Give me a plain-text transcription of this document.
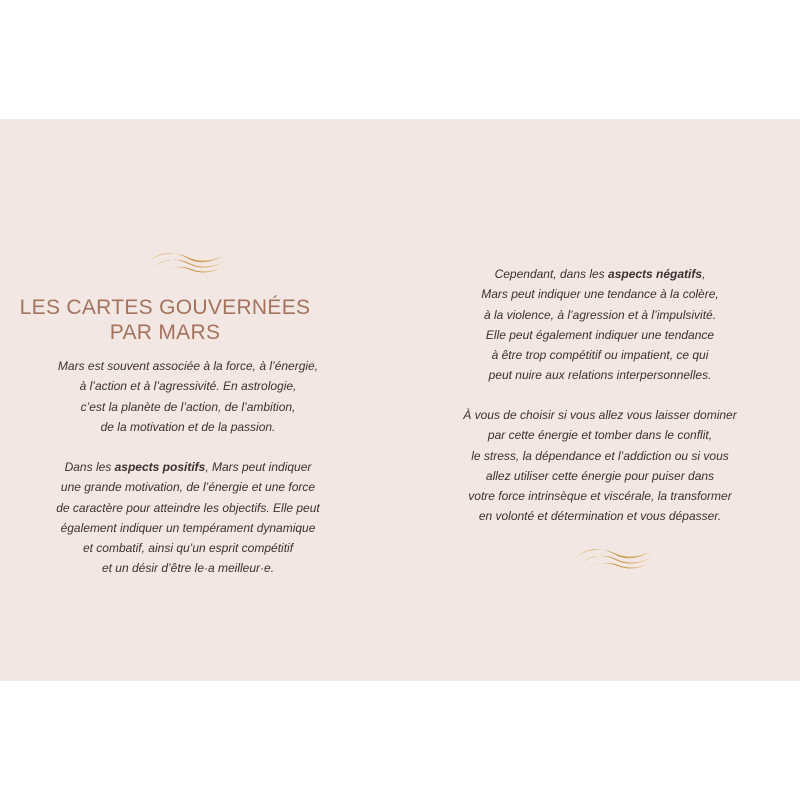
LES CARTES GOUVERNÉES
PAR MARS
Mars est souvent associée à la force, à l’énergie,
à l’action et à l’agressivité. En astrologie,
c’est la planète de l’action, de l’ambition,
de la motivation et de la passion.
Dans les aspects positifs, Mars peut indiquer
une grande motivation, de l’énergie et une force
de caractère pour atteindre les objectifs. Elle peut
également indiquer un tempérament dynamique
et combatif, ainsi qu’un esprit compétitif
et un désir d’être le·a meilleur·e.
Cependant, dans les aspects négatifs,
Mars peut indiquer une tendance à la colère,
à la violence, à l’agression et à l’impulsivité.
Elle peut également indiquer une tendance
à être trop compétitif ou impatient, ce qui
peut nuire aux relations interpersonnelles.
À vous de choisir si vous allez vous laisser dominer
par cette énergie et tomber dans le conflit,
le stress, la dépendance et l’addiction ou si vous
allez utiliser cette énergie pour puiser dans
votre force intrinsèque et viscérale, la transformer
en volonté et détermination et vous dépasser.
